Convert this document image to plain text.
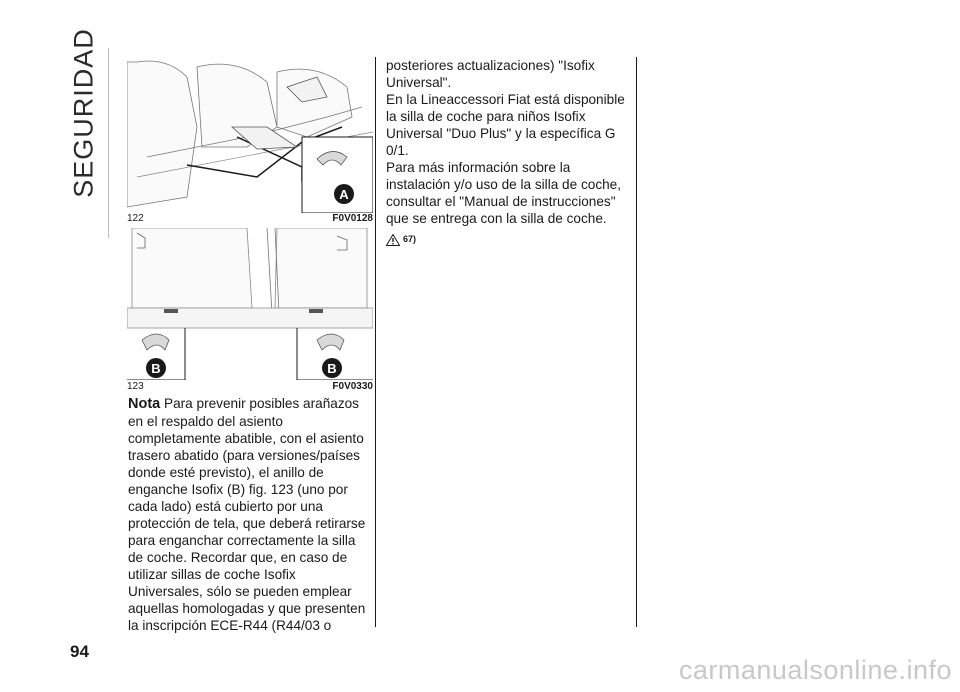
SEGURIDAD	A
122	F0V0128
B	B
123	F0V0330
Nota Para prevenir posibles arañazos en el respaldo del asiento completamente abatible, con el asiento trasero abatido (para versiones/países donde esté previsto), el anillo de enganche Isofix (B) fig. 123 (uno por cada lado) está cubierto por una protección de tela, que deberá retirarse para enganchar correctamente la silla de coche. Recordar que, en caso de utilizar sillas de coche Isofix Universales, sólo se pueden emplear aquellas homologadas y que presenten la inscripción ECE-R44 (R44/03 o

posteriores actualizaciones) "Isofix Universal".

En la Lineaccessori Fiat está disponible la silla de coche para niños Isofix Universal "Duo Plus" y la específica G 0/1.

Para más información sobre la instalación y/o uso de la silla de coche, consultar el "Manual de instrucciones" que se entrega con la silla de coche.

67)
94
carmanualsonline.info
